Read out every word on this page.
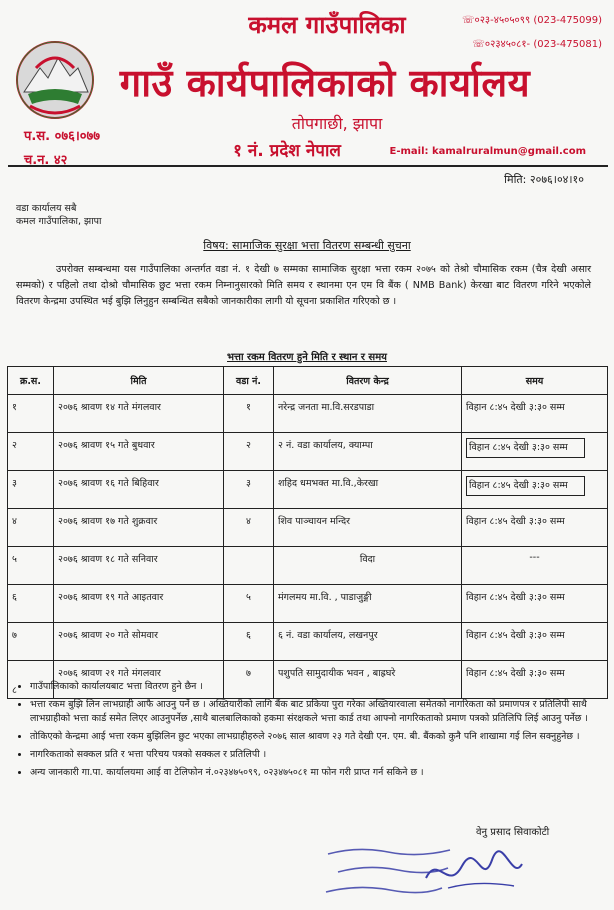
कमल गाउँपालिका
गाउँ कार्यपालिकाको कार्यालय
तोपगाछी, झापा
१ नं. प्रदेश नेपाल
☏०२३-४५०५०९९ (023-475099)
☏०२३४५०८१- (023-475081)
प.स. ०७६।०७७
च.न. ४२
E-mail: kamalruralmun@gmail.com
मिति: २०७६।०४।१०
वडा कार्यालय सबै
कमल गाउँपालिका, झापा
विषय: सामाजिक सुरक्षा भत्ता वितरण सम्बन्धी सुचना
उपरोक्त सम्बन्धमा यस गाउँपालिका अन्तर्गत वडा नं. १ देखी ७ सम्मका सामाजिक सुरक्षा भत्ता रकम २०७५ को तेश्रो चौमासिक रकम (चैत्र देखी असार सम्मको) र पहिलो तथा दोश्रो चौमासिक छुट भत्ता रकम निम्नानुसारको मिति समय र स्थानमा एन एम वि बैंक ( NMB Bank) केरखा बाट वितरण गरिने भएकोले वितरण केन्द्रमा उपस्थित भई बुझि लिनुहुन सम्बन्धित सबैको जानकारीका लागी यो सूचना प्रकाशित गरिएको छ ।
भत्ता रकम वितरण हुने मिति र स्थान र समय
क्र.स.	मिति	वडा नं.	वितरण केन्द्र	समय
१	२०७६ श्रावण १४ गते मंगलवार	१	नरेन्द्र जनता मा.वि.सरडपाडा	विहान ८:४५ देखी ३:३० सम्म
२	२०७६ श्रावण १५ गते बुधवार	२	२ नं. वडा कार्यालय, क्याम्पा	विहान ८:४५ देखी ३:३० सम्म
३	२०७६ श्रावण १६ गते बिहिवार	३	शहिद धमभक्त मा.वि.,केरखा	विहान ८:४५ देखी ३:३० सम्म
४	२०७६ श्रावण १७ गते शुक्रवार	४	शिव पाञ्चायन मन्दिर	विहान ८:४५ देखी ३:३० सम्म
५	२०७६ श्रावण १८ गते सनिवार		विदा	---
६	२०७६ श्रावण १९ गते आइतवार	५	मंगलमय मा.वि. , पाडाजुङ्गी	विहान ८:४५ देखी ३:३० सम्म
७	२०७६ श्रावण २० गते सोमवार	६	६ नं. वडा कार्यालय, लखनपुर	विहान ८:४५ देखी ३:३० सम्म
८	२०७६ श्रावण २१ गते मंगलवार	७	पशुपति सामुदायीक भवन , बाह्रघरे	विहान ८:४५ देखी ३:३० सम्म
• गाउँपालिकाको कार्यालयबाट भत्ता वितरण हुने छैन ।
• भत्ता रकम बुझि लिन लाभग्राही आफै आउनु पर्ने छ । अख्तियारीको लागि बैंक बाट प्रकिया पुरा गरेका अख्तियारवाला समेतको नागरिकता को प्रमाणपत्र र प्रतिलिपी साथै लाभग्राहीको भत्ता कार्ड समेत लिएर आउनुपर्नेछ ,साथै बालबालिकाको हकमा संरक्षकले भत्ता कार्ड तथा आफ्नो नागरिकताको प्रमाण पत्रको प्रतिलिपि लिई आउनु पर्नेछ ।
• तोकिएको केन्द्रमा आई भत्ता रकम बुझिलिन छुट भएका लाभग्राहीहरुले २०७६ साल श्रावण २३ गते देखी एन. एम. बी. बैंकको कुनै पनि शाखामा गई लिन सक्नुहुनेछ ।
• नागरिकताको सक्कल प्रति र भत्ता परिचय पत्रको सक्कल र प्रतिलिपी ।
• अन्य जानकारी गा.पा. कार्यालयमा आई वा टेलिफोन नं.०२३४७५०९९, ०२३४७५०८१ मा फोन गरी प्राप्त गर्न सकिने छ ।
वेनु प्रसाद सिवाकोटी
